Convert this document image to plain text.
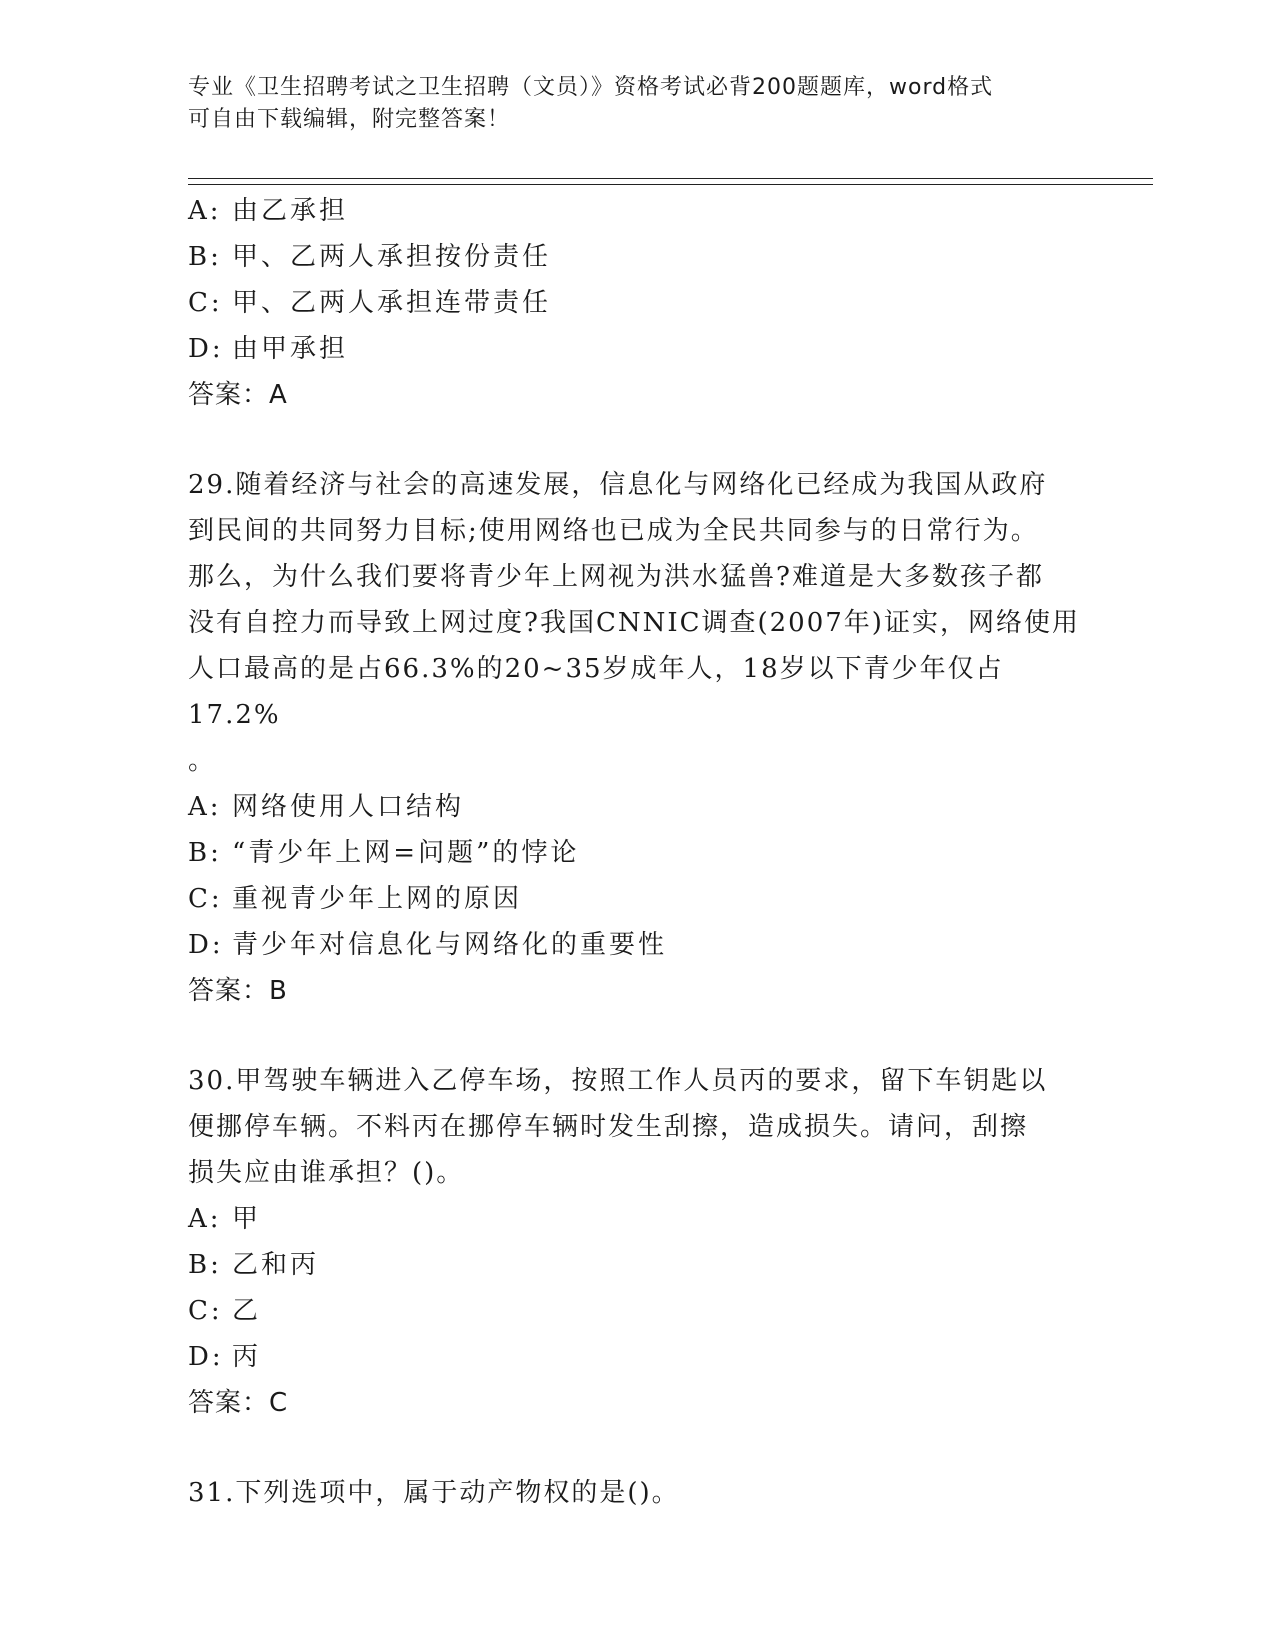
专业《卫生招聘考试之卫生招聘（文员）》资格考试必背200题题库，word格式
可自由下载编辑，附完整答案！
A: 由乙承担
B: 甲、乙两人承担按份责任
C: 甲、乙两人承担连带责任
D: 由甲承担
答案：A
29.随着经济与社会的高速发展，信息化与网络化已经成为我国从政府
到民间的共同努力目标;使用网络也已成为全民共同参与的日常行为。
那么，为什么我们要将青少年上网视为洪水猛兽?难道是大多数孩子都
没有自控力而导致上网过度?我国CNNIC调查(2007年)证实，网络使用
人口最高的是占66.3%的20~35岁成年人，18岁以下青少年仅占17.2%
。
A: 网络使用人口结构
B: “青少年上网=问题”的悖论
C: 重视青少年上网的原因
D: 青少年对信息化与网络化的重要性
答案：B
30.甲驾驶车辆进入乙停车场，按照工作人员丙的要求，留下车钥匙以
便挪停车辆。不料丙在挪停车辆时发生刮擦，造成损失。请问，刮擦
损失应由谁承担？()。
A: 甲
B: 乙和丙
C: 乙
D: 丙
答案：C
31.下列选项中，属于动产物权的是()。
